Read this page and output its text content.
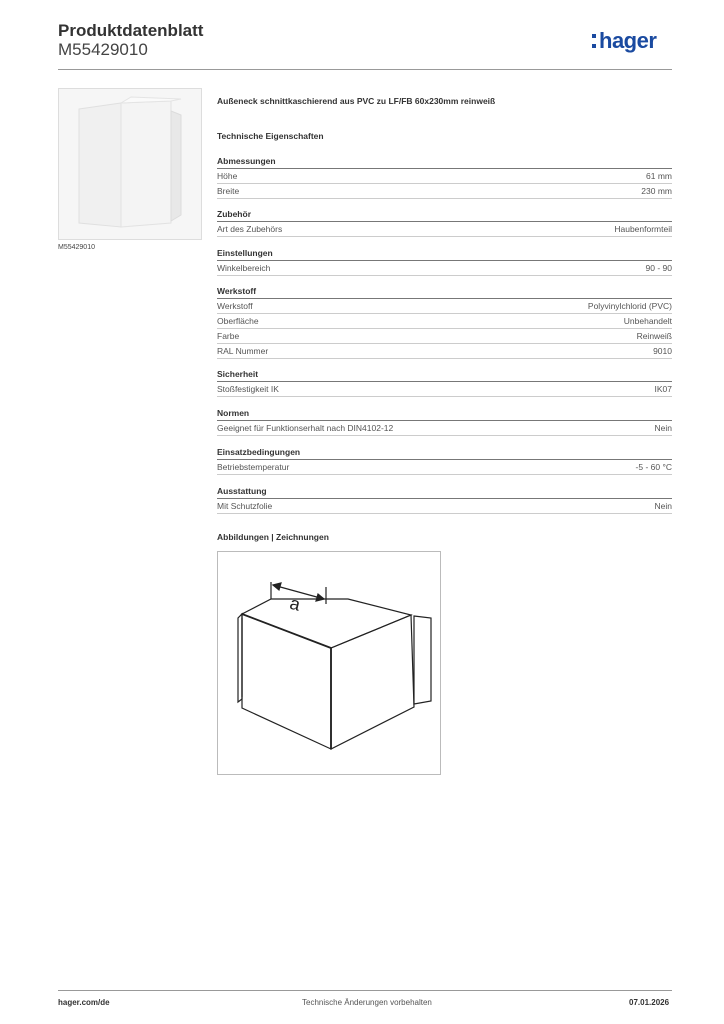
Produktdatenblatt
M55429010	hager
M55429010
Außeneck schnittkaschierend aus PVC zu LF/FB 60x230mm reinweiß
Technische Eigenschaften
Abmessungen
Höhe	61 mm
Breite	230 mm
Zubehör
Art des Zubehörs	Haubenformteil
Einstellungen
Winkelbereich	90 - 90
Werkstoff
Werkstoff	Polyvinylchlorid (PVC)
Oberfläche	Unbehandelt
Farbe	Reinweiß
RAL Nummer	9010
Sicherheit
Stoßfestigkeit IK	IK07
Normen
Geeignet für Funktionserhalt nach DIN4102-12	Nein
Einsatzbedingungen
Betriebstemperatur	-5 - 60 °C
Ausstattung
Mit Schutzfolie	Nein
Abbildungen | Zeichnungen
a
hager.com/de	Technische Änderungen vorbehalten	07.01.2026
